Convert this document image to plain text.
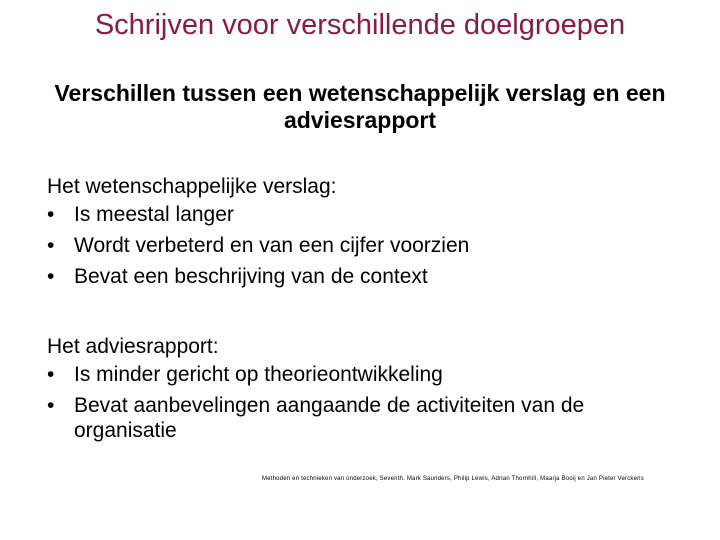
Schrijven voor verschillende doelgroepen
Verschillen tussen een wetenschappelijk verslag en een adviesrapport
Het wetenschappelijke verslag:
• Is meestal langer
• Wordt verbeterd en van een cijfer voorzien
• Bevat een beschrijving van de context
Het adviesrapport:
• Is minder gericht op theorieontwikkeling
• Bevat aanbevelingen aangaande de activiteiten van de organisatie
Methoden en technieken van onderzoek, Seventh. Mark Saunders, Philip Lewis, Adrian Thornhill, Maarja Booij en Jan Pieter Verckens
